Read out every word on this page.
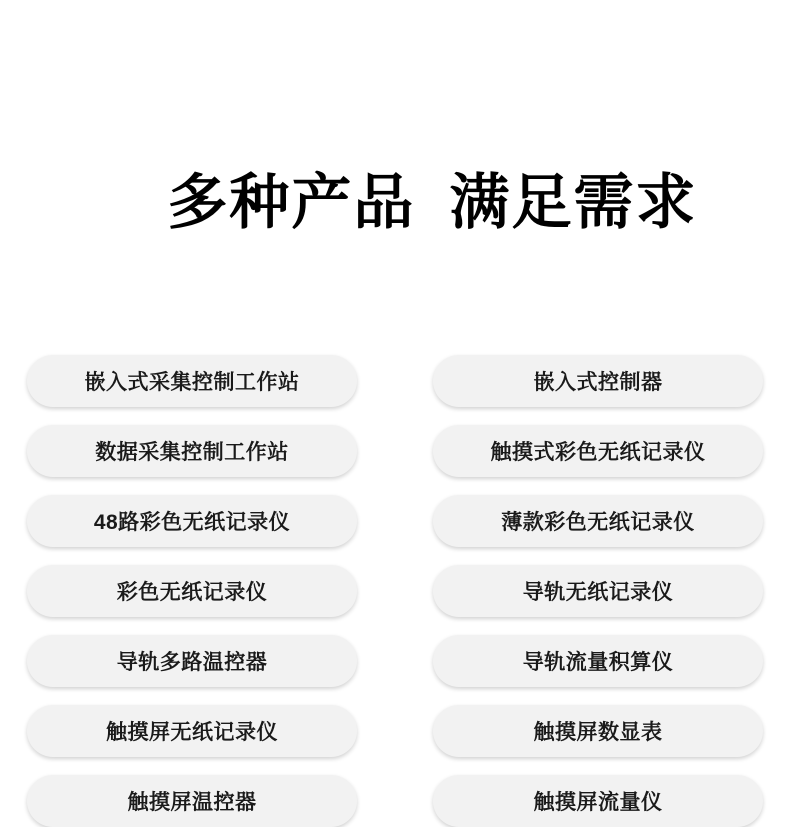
多种产品 满足需求

嵌入式采集控制工作站
数据采集控制工作站
48路彩色无纸记录仪
彩色无纸记录仪
导轨多路温控器
触摸屏无纸记录仪
触摸屏温控器
嵌入式控制器
触摸式彩色无纸记录仪
薄款彩色无纸记录仪
导轨无纸记录仪
导轨流量积算仪
触摸屏数显表
触摸屏流量仪
